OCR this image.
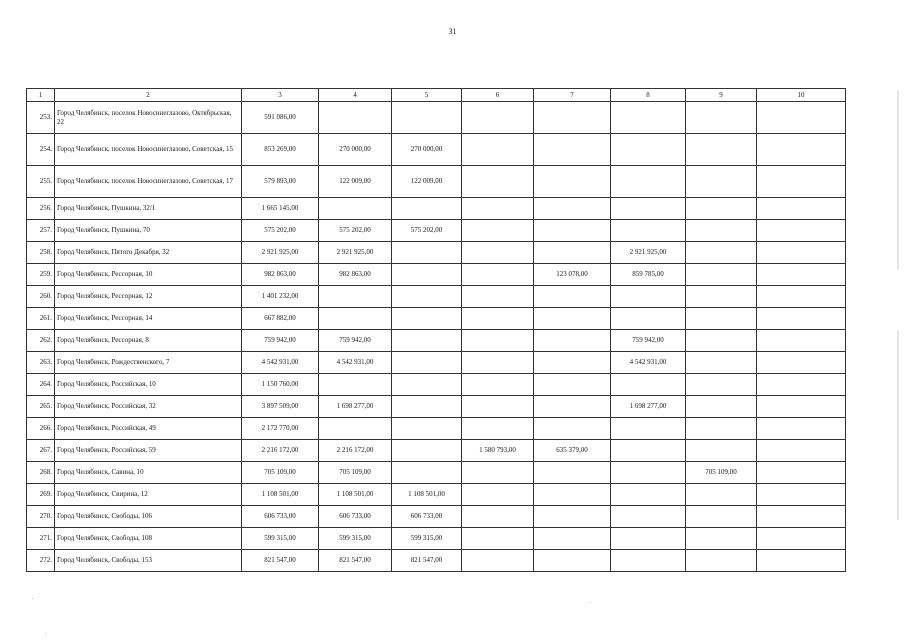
31
1	2	3	4	5	6	7	8	9	10
253.	Город Челябинск, поселок Новосинеглазово, Октябрьская, 22	591 086,00							
254.	Город Челябинск, поселок Новосинеглазово, Советская, 15	853 269,00	270 000,00	270 000,00					
255.	Город Челябинск, поселок Новосинеглазово, Советская, 17	579 893,00	122 009,00	122 009,00					
256.	Город Челябинск, Пушкина, 32/1	1 665 145,00							
257.	Город Челябинск, Пушкина, 70	575 202,00	575 202,00	575 202,00					
258.	Город Челябинск, Пятого Декабря, 32	2 921 925,00	2 921 925,00				2 921 925,00		
259.	Город Челябинск, Рессорная, 10	982 863,00	982 863,00			123 078,00	859 785,00		
260.	Город Челябинск, Рессорная, 12	1 401 232,00							
261.	Город Челябинск, Рессорная, 14	667 882,00							
262.	Город Челябинск, Рессорная, 8	759 942,00	759 942,00				759 942,00		
263.	Город Челябинск, Рождественского, 7	4 542 931,00	4 542 931,00				4 542 931,00		
264.	Город Челябинск, Российская, 10	1 150 760,00							
265.	Город Челябинск, Российская, 32	3 897 509,00	1 698 277,00				1 698 277,00		
266.	Город Челябинск, Российская, 49	2 172 770,00							
267.	Город Челябинск, Российская, 59	2 216 172,00	2 216 172,00		1 580 793,00	635 379,00			
268.	Город Челябинск, Савина, 10	705 109,00	705 109,00					705 109,00	
269.	Город Челябинск, Свирина, 12	1 108 501,00	1 108 501,00	1 108 501,00					
270.	Город Челябинск, Свободы, 106	606 733,00	606 733,00	606 733,00					
271.	Город Челябинск, Свободы, 108	599 315,00	599 315,00	599 315,00					
272.	Город Челябинск, Свободы, 153	821 547,00	821 547,00	821 547,00					
